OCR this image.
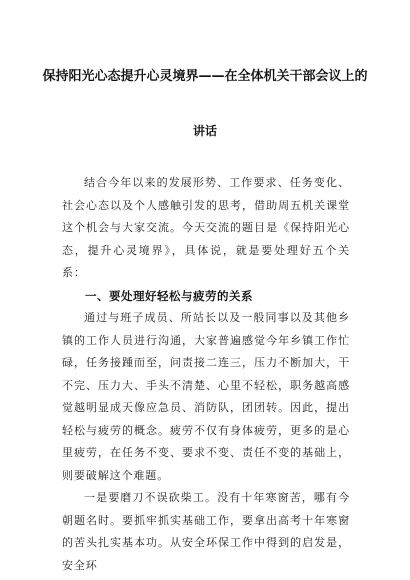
保持阳光心态提升心灵境界——在全体机关干部会议上的
讲话

结合今年以来的发展形势、工作要求、任务变化、社会心态以及个人感触引发的思考，借助周五机关课堂这个机会与大家交流。今天交流的题目是《保持阳光心态，提升心灵境界》，具体说，就是要处理好五个关系：

一、要处理好轻松与疲劳的关系

通过与班子成员、所站长以及一般同事以及其他乡镇的工作人员进行沟通，大家普遍感觉今年乡镇工作忙碌，任务接踵而至，问责接二连三，压力不断加大，干不完、压力大、手头不清楚、心里不轻松，职务越高感觉越明显成天像应急员、消防队，团团转。因此，提出轻松与疲劳的概念。疲劳不仅有身体疲劳，更多的是心里疲劳，在任务不变、要求不变、责任不变的基础上，则要破解这个难题。

一是要磨刀不误砍柴工。没有十年寒窗苦，哪有今朝题名时。要抓牢抓实基础工作，要拿出高考十年寒窗的苦头扎实基本功。从安全环保工作中得到的启发是，安全环
